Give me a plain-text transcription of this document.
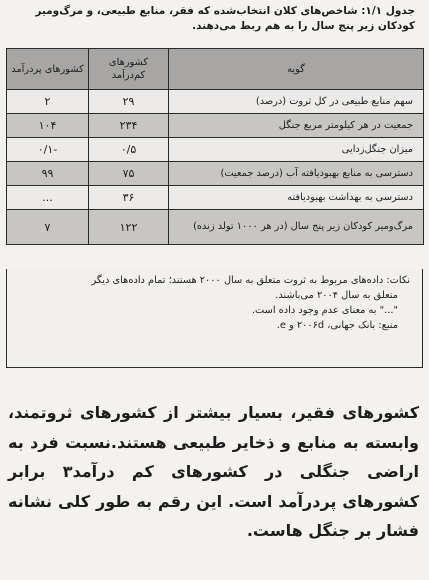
جدول ۱/۱: شاخص‌های کلان انتخاب‌شده که فقر، منابع طبیعی، و مرگ‌ومیر کودکان زیر پنج سال را به هم ربط می‌دهند.
گویه	کشورهای کم‌درآمد	کشورهای پردرآمد
سهم منابع طبیعی در کل ثروت (درصد)	۲۹	۲
جمعیت در هر کیلومتر مربع جنگل	۲۳۴	۱۰۴
میزان جنگل‌زدایی	۰/۵	-۰/۱
دسترسی به منابع بهبودیافته آب (درصد جمعیت)	۷۵	۹۹
دسترسی به بهداشت بهبودیافته	۳۶	...
مرگ‌ومیر کودکان زیر پنج سال (در هر ۱۰۰۰ تولد زنده)	۱۲۲	۷
نکات: داده‌های مربوط به ثروت متعلق به سال ۲۰۰۰ هستند؛ تمام داده‌های دیگر
متعلق به سال ۲۰۰۴ می‌باشند.
"..." به معنای عدم وجود داده است.
منبع: بانک جهانی، ۲۰۰۶d و e.
کشورهای فقیر، بسیار بیشتر از کشورهای ثروتمند، وابسته به منابع و ذخایر طبیعی هستند.نسبت فرد به اراضی جنگلی در کشورهای کم درآمد۳ برابر کشورهای پردرآمد است. این رقم به طور کلی نشانه فشار بر جنگل هاست.
